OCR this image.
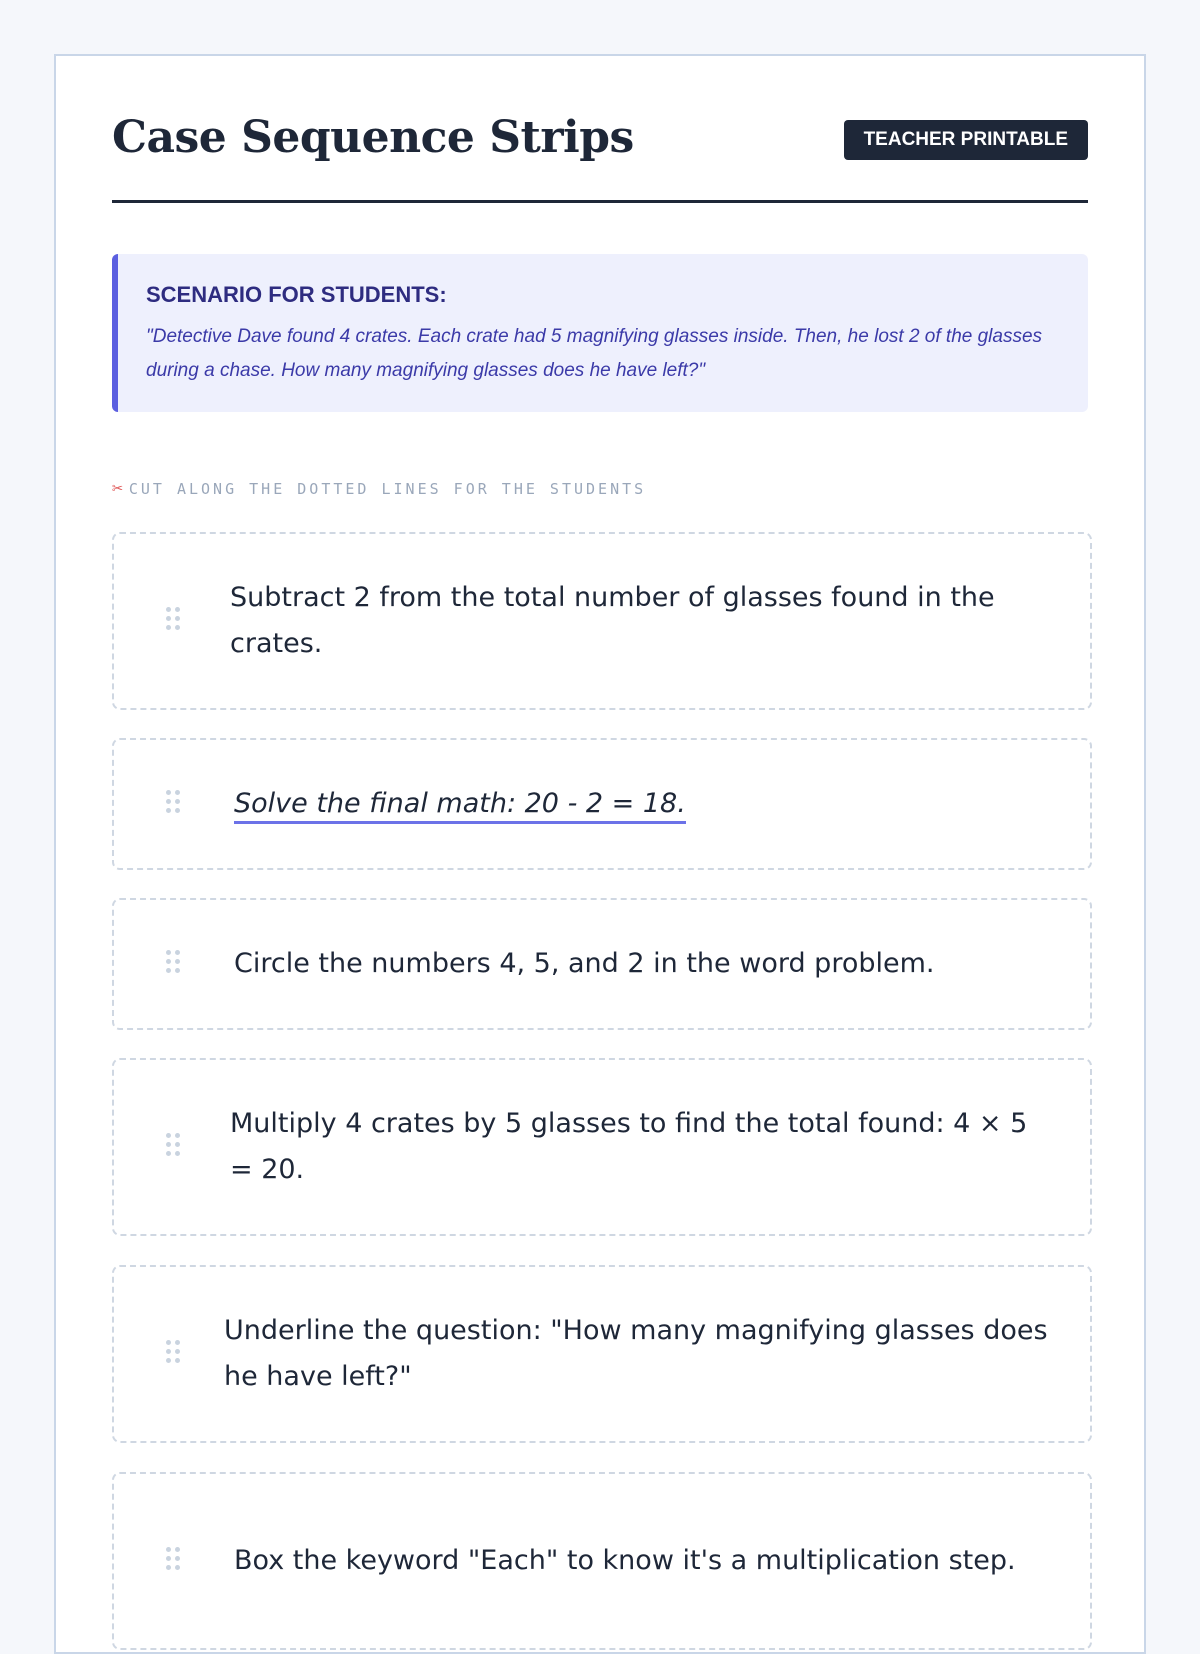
Case Sequence Strips	TEACHER PRINTABLE
SCENARIO FOR STUDENTS:
"Detective Dave found 4 crates. Each crate had 5 magnifying glasses inside. Then, he lost 2 of the glasses during a chase. How many magnifying glasses does he have left?"
✂ CUT ALONG THE DOTTED LINES FOR THE STUDENTS
Subtract 2 from the total number of glasses found in the crates.
Solve the final math: 20 - 2 = 18.
Circle the numbers 4, 5, and 2 in the word problem.
Multiply 4 crates by 5 glasses to find the total found: 4 × 5 = 20.
Underline the question: "How many magnifying glasses does he have left?"
Box the keyword "Each" to know it's a multiplication step.
